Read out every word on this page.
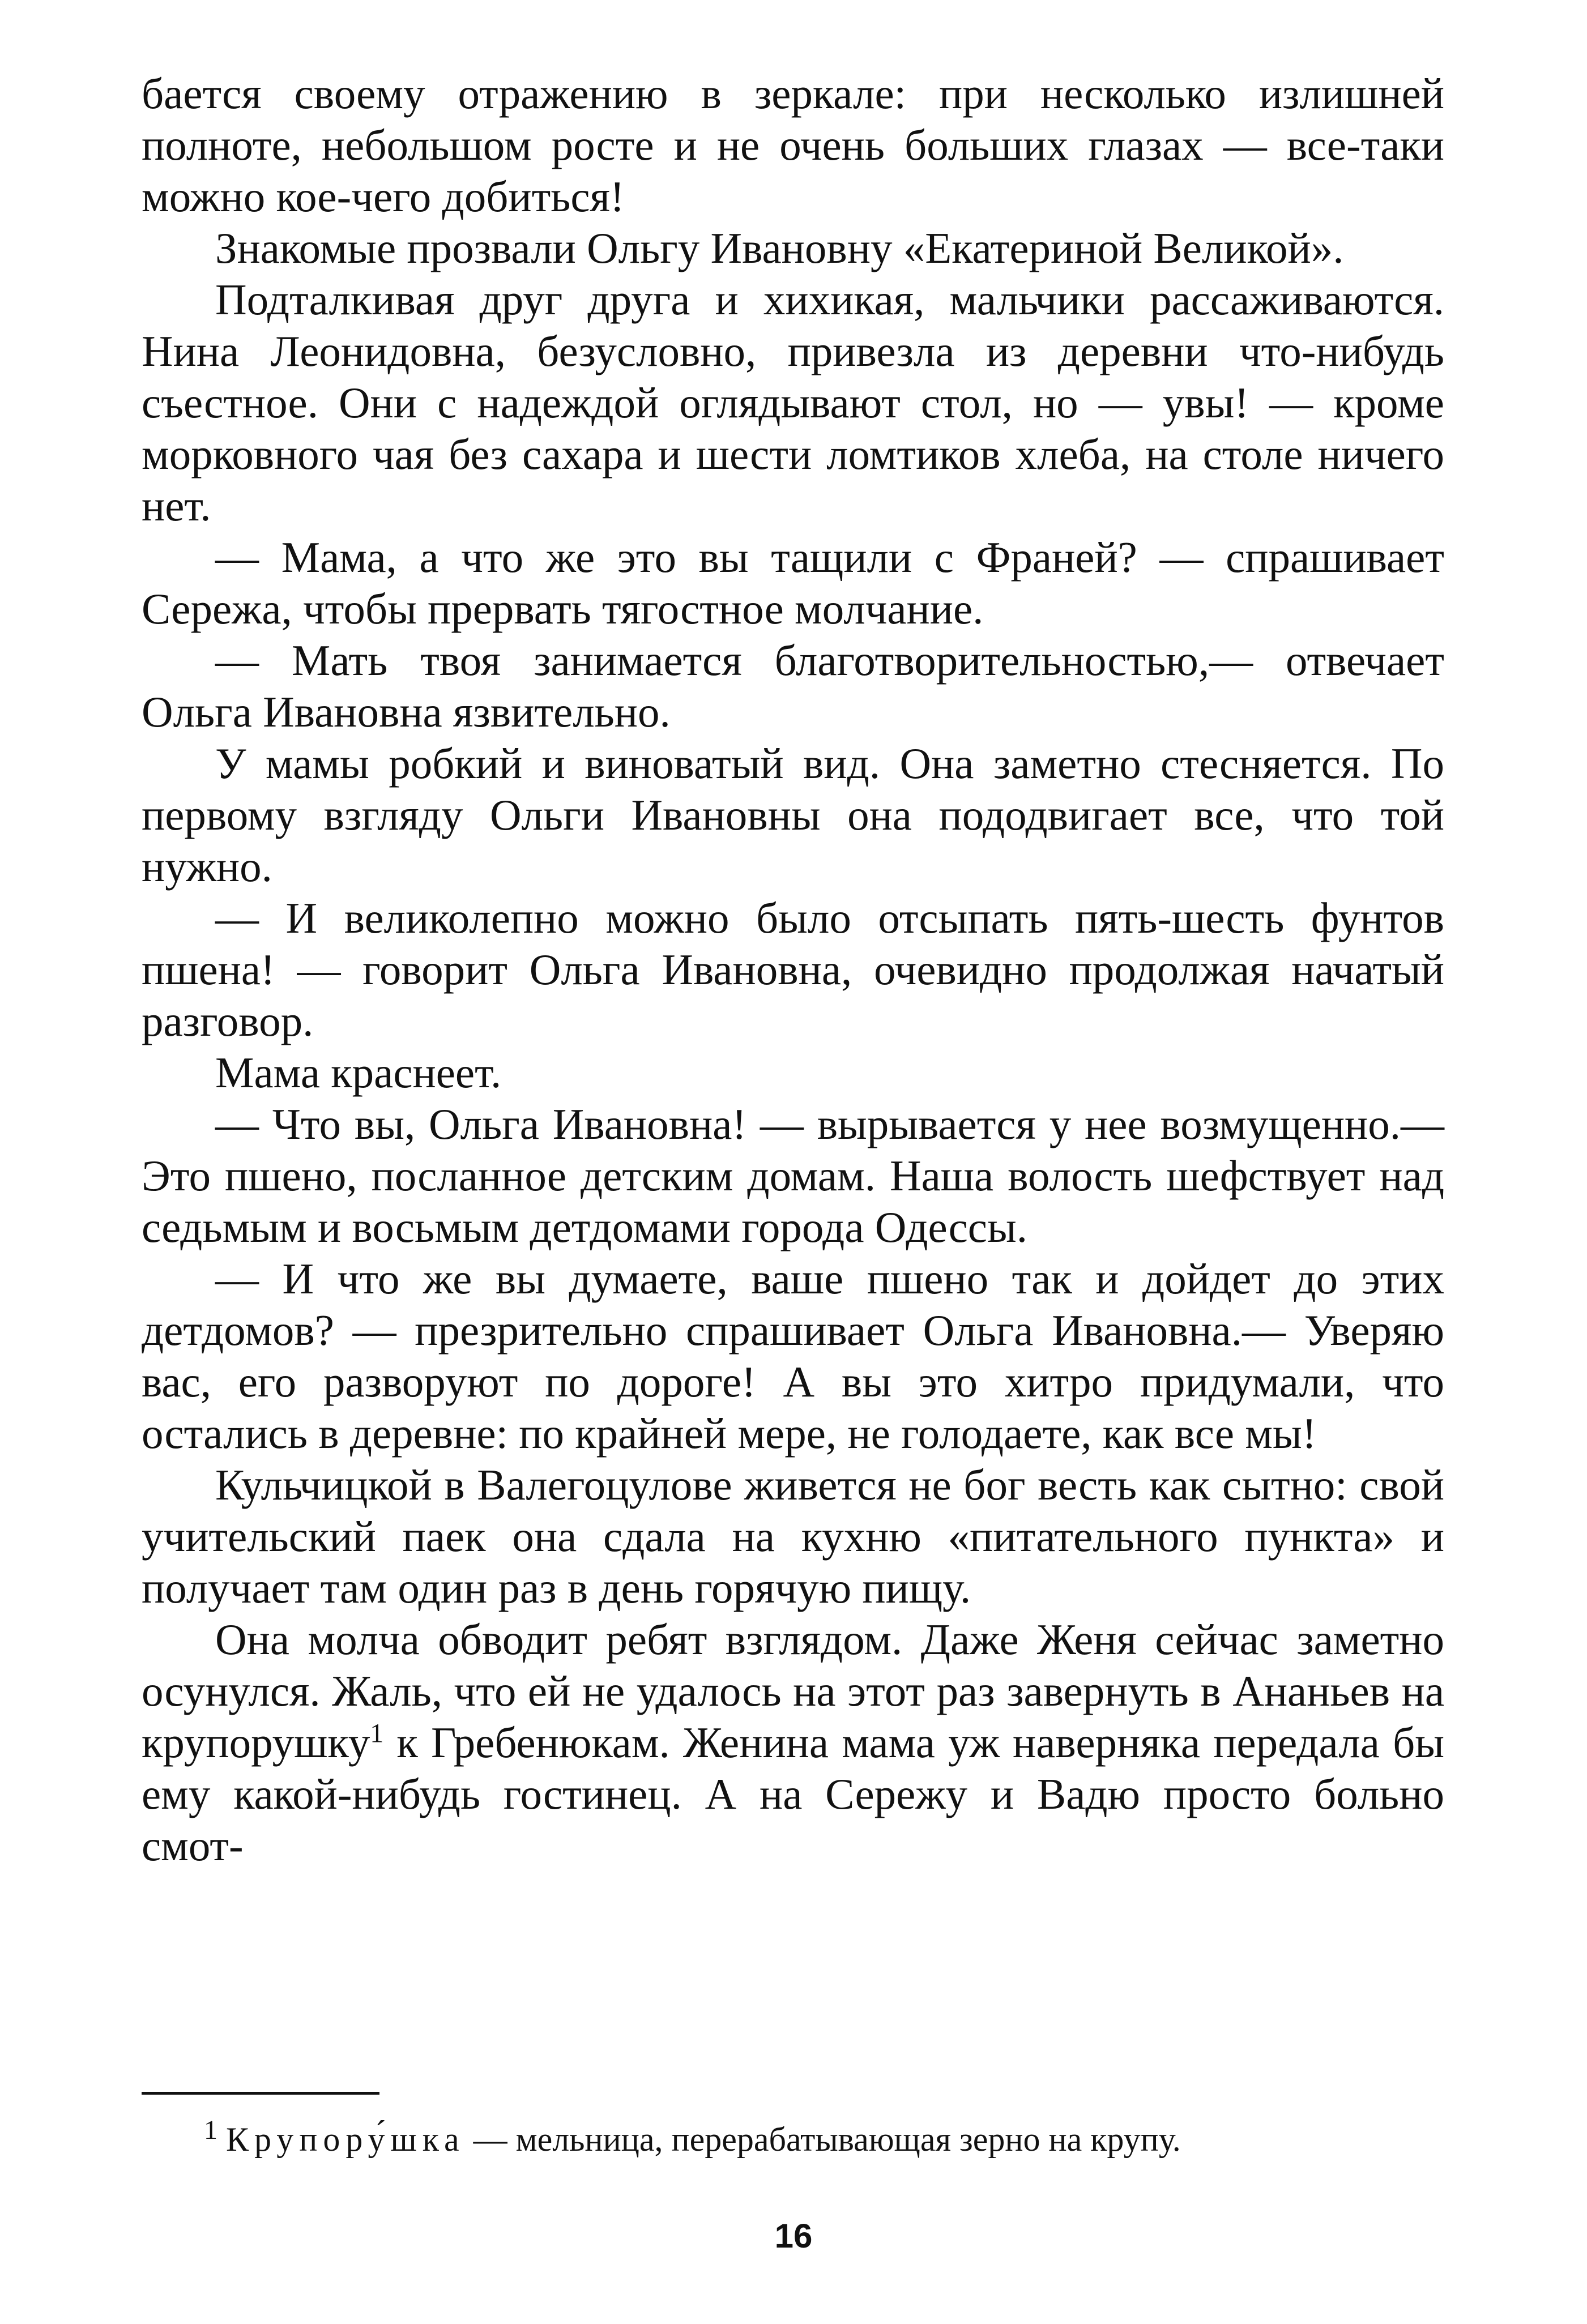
бается своему отражению в зеркале: при несколько излишней полноте, небольшом росте и не очень больших глазах — все-таки можно кое-чего добиться!

Знакомые прозвали Ольгу Ивановну «Екатериной Великой».

Подталкивая друг друга и хихикая, мальчики рассаживаются. Нина Леонидовна, безусловно, привезла из деревни что-нибудь съестное. Они с надеждой оглядывают стол, но — увы! — кроме морковного чая без сахара и шести ломтиков хлеба, на столе ничего нет.

— Мама, а что же это вы тащили с Франей? — спрашивает Сережа, чтобы прервать тягостное молчание.

— Мать твоя занимается благотворительностью,— отвечает Ольга Ивановна язвительно.

У мамы робкий и виноватый вид. Она заметно стесняется. По первому взгляду Ольги Ивановны она пододвигает все, что той нужно.

— И великолепно можно было отсыпать пять-шесть фунтов пшена! — говорит Ольга Ивановна, очевидно продолжая начатый разговор.

Мама краснеет.

— Что вы, Ольга Ивановна! — вырывается у нее возмущенно.— Это пшено, посланное детским домам. Наша волость шефствует над седьмым и восьмым детдомами города Одессы.

— И что же вы думаете, ваше пшено так и дойдет до этих детдомов? — презрительно спрашивает Ольга Ивановна.— Уверяю вас, его разворуют по дороге! А вы это хитро придумали, что остались в деревне: по крайней мере, не голодаете, как все мы!

Кульчицкой в Валегоцулове живется не бог весть как сытно: свой учительский паек она сдала на кухню «питательного пункта» и получает там один раз в день горячую пищу.

Она молча обводит ребят взглядом. Даже Женя сейчас заметно осунулся. Жаль, что ей не удалось на этот раз завернуть в Ананьев на крупорушку$^1$ к Гребенюкам. Женина мама уж наверняка передала бы ему какой-нибудь гостинец. А на Сережу и Вадю просто больно смот-

$^1$ Крупору́шка — мельница, перерабатывающая зерно на крупу.

16
